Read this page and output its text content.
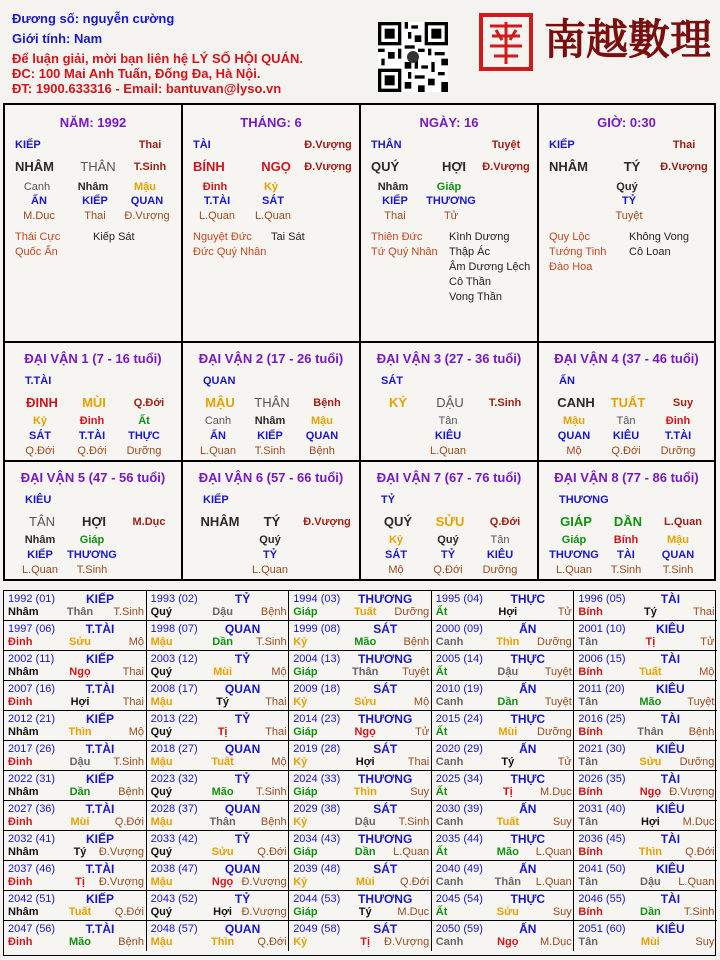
Đương số: nguyễn cường
Giới tính: Nam
Để luận giải, mời bạn liên hệ LÝ SỐ HỘI QUÁN.
ĐC: 100 Mai Anh Tuấn, Đống Đa, Hà Nội.
ĐT: 1900.633316 - Email: bantuvan@lyso.vn
南越數理
NĂM: 1992
KIẾP	Thai
NHÂM	THÂN	T.Sinh
Canh	Nhâm	Mậu
ẤN	KIẾP	QUAN
M.Dục	Thai	Đ.Vượng
Thái Cực
Quốc Ấn
Kiếp Sát
THÁNG: 6
TÀI	Đ.Vượng
BÍNH	NGỌ	Đ.Vượng
Đinh	Kỷ
T.TÀI	SÁT
L.Quan	L.Quan
Nguyệt Đức
Đức Quý Nhân
Tai Sát
NGÀY: 16
THÂN	Tuyệt
QUÝ	HỢI	Đ.Vượng
Nhâm	Giáp
KIẾP	THƯƠNG
Thai	Tử
Thiên Đức
Tứ Quý Nhân
Kình Dương
Thập Ác
Âm Dương Lệch
Cô Thần
Vong Thần
GIỜ: 0:30
KIẾP	Thai
NHÂM	TÝ	Đ.Vượng
Quý
TỶ
Tuyệt
Quy Lộc
Tướng Tinh
Đào Hoa
Không Vong
Cô Loan
ĐẠI VẬN 1 (7 - 16 tuổi)
T.TÀI
ĐINH	MÙI	Q.Đới
Kỷ	Đinh	Ất
SÁT	T.TÀI	THỰC
Q.Đới	Q.Đới	Dưỡng
ĐẠI VẬN 2 (17 - 26 tuổi)
QUAN
MẬU	THÂN	Bệnh
Canh	Nhâm	Mậu
ẤN	KIẾP	QUAN
L.Quan	T.Sinh	Bệnh
ĐẠI VẬN 3 (27 - 36 tuổi)
SÁT
KỶ	DẬU	T.Sinh
Tân
KIÊU
L.Quan
ĐẠI VẬN 4 (37 - 46 tuổi)
ẤN
CANH	TUẤT	Suy
Mậu	Tân	Đinh
QUAN	KIÊU	T.TÀI
Mộ	Q.Đới	Dưỡng
ĐẠI VẬN 5 (47 - 56 tuổi)
KIÊU
TÂN	HỢI	M.Dục
Nhâm	Giáp
KIẾP	THƯƠNG
L.Quan	T.Sinh
ĐẠI VẬN 6 (57 - 66 tuổi)
KIẾP
NHÂM	TÝ	Đ.Vượng
Quý
TỶ
L.Quan
ĐẠI VẬN 7 (67 - 76 tuổi)
TỶ
QUÝ	SỬU	Q.Đới
Kỷ	Quý	Tân
SÁT	TỶ	KIÊU
Mộ	Q.Đới	Dưỡng
ĐẠI VẬN 8 (77 - 86 tuổi)
THƯƠNG
GIÁP	DẦN	L.Quan
Giáp	Bính	Mậu
THƯƠNG	TÀI	QUAN
L.Quan	T.Sinh	T.Sinh
1992 (01)	KIẾP
Nhâm	Thân	T.Sinh
1993 (02)	TỶ
Quý	Dậu	Bệnh
1994 (03)	THƯƠNG
Giáp	Tuất	Dưỡng
1995 (04)	THỰC
Ất	Hợi	Tử
1996 (05)	TÀI
Bính	Tý	Thai
1997 (06)	T.TÀI
Đinh	Sửu	Mộ
1998 (07)	QUAN
Mậu	Dần	T.Sinh
1999 (08)	SÁT
Kỷ	Mão	Bệnh
2000 (09)	ẤN
Canh	Thìn	Dưỡng
2001 (10)	KIÊU
Tân	Tị	Tử
2002 (11)	KIẾP
Nhâm	Ngọ	Thai
2003 (12)	TỶ
Quý	Mùi	Mộ
2004 (13)	THƯƠNG
Giáp	Thân	Tuyệt
2005 (14)	THỰC
Ất	Dậu	Tuyệt
2006 (15)	TÀI
Bính	Tuất	Mộ
2007 (16)	T.TÀI
Đinh	Hợi	Thai
2008 (17)	QUAN
Mậu	Tý	Thai
2009 (18)	SÁT
Kỷ	Sửu	Mộ
2010 (19)	ẤN
Canh	Dần	Tuyệt
2011 (20)	KIÊU
Tân	Mão	Tuyệt
2012 (21)	KIẾP
Nhâm	Thìn	Mộ
2013 (22)	TỶ
Quý	Tị	Thai
2014 (23)	THƯƠNG
Giáp	Ngọ	Tử
2015 (24)	THỰC
Ất	Mùi	Dưỡng
2016 (25)	TÀI
Bính	Thân	Bệnh
2017 (26)	T.TÀI
Đinh	Dậu	T.Sinh
2018 (27)	QUAN
Mậu	Tuất	Mộ
2019 (28)	SÁT
Kỷ	Hợi	Thai
2020 (29)	ẤN
Canh	Tý	Tử
2021 (30)	KIÊU
Tân	Sửu	Dưỡng
2022 (31)	KIẾP
Nhâm	Dần	Bệnh
2023 (32)	TỶ
Quý	Mão	T.Sinh
2024 (33)	THƯƠNG
Giáp	Thìn	Suy
2025 (34)	THỰC
Ất	Tị	M.Dục
2026 (35)	TÀI
Bính	Ngọ Đ.Vượng
2027 (36)	T.TÀI
Đinh	Mùi	Q.Đới
2028 (37)	QUAN
Mậu	Thân	Bệnh
2029 (38)	SÁT
Kỷ	Dậu	T.Sinh
2030 (39)	ẤN
Canh	Tuất	Suy
2031 (40)	KIÊU
Tân	Hợi	M.Dục
2032 (41)	KIẾP
Nhâm	Tý	Đ.Vượng
2033 (42)	TỶ
Quý	Sửu	Q.Đới
2034 (43)	THƯƠNG
Giáp	Dần	L.Quan
2035 (44)	THỰC
Ất	Mão	L.Quan
2036 (45)	TÀI
Bính	Thìn	Q.Đới
2037 (46)	T.TÀI
Đinh	Tị	Đ.Vượng
2038 (47)	QUAN
Mậu	Ngọ Đ.Vượng
2039 (48)	SÁT
Kỷ	Mùi	Q.Đới
2040 (49)	ẤN
Canh	Thân	L.Quan
2041 (50)	KIÊU
Tân	Dậu	L.Quan
2042 (51)	KIẾP
Nhâm	Tuất	Q.Đới
2043 (52)	TỶ
Quý	Hợi Đ.Vượng
2044 (53)	THƯƠNG
Giáp	Tý	M.Dục
2045 (54)	THỰC
Ất	Sửu	Suy
2046 (55)	TÀI
Bính	Dần	T.Sinh
2047 (56)	T.TÀI
Đinh	Mão	Bệnh
2048 (57)	QUAN
Mậu	Thìn	Q.Đới
2049 (58)	SÁT
Kỷ	Tị	Đ.Vượng
2050 (59)	ẤN
Canh	Ngọ	M.Dục
2051 (60)	KIÊU
Tân	Mùi	Suy
